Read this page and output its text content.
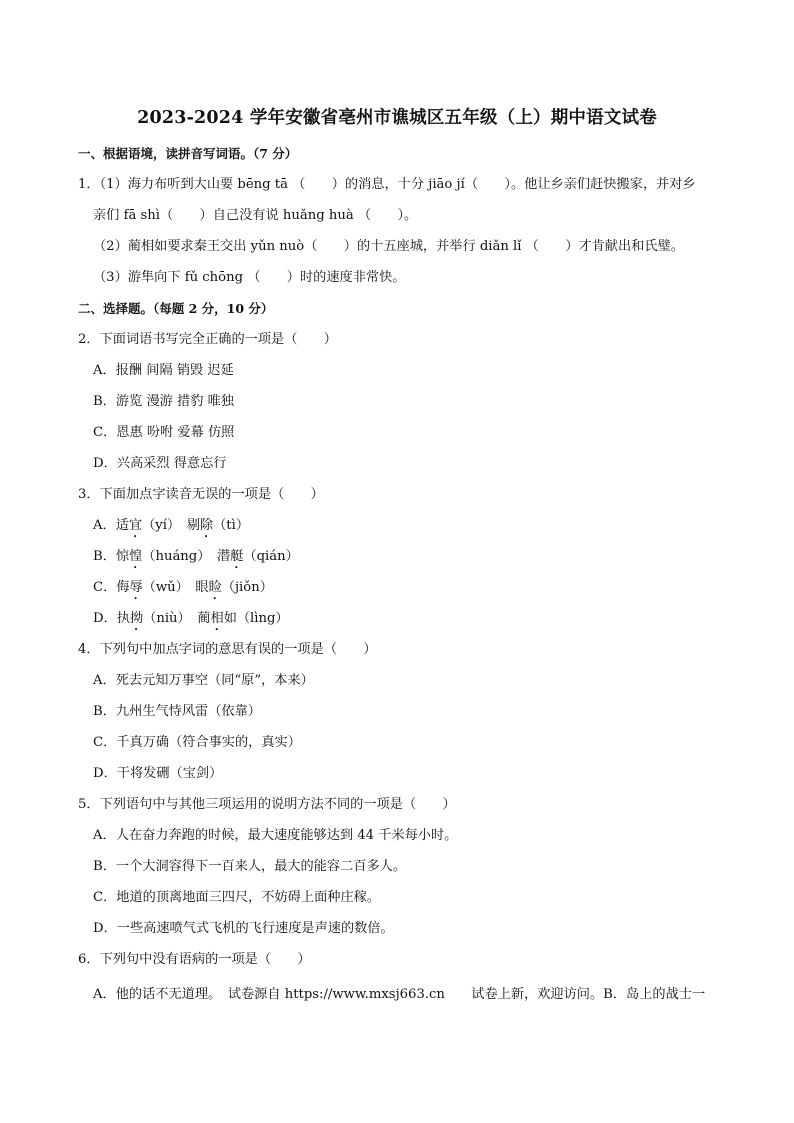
2023-2024 学年安徽省亳州市谯城区五年级（上）期中语文试卷
一、根据语境，读拼音写词语。（7 分）
1．（1）海力布听到大山要 bēng tā （　　）的消息，十分 jiāo jí（　　）。他让乡亲们赶快搬家，并对乡
亲们 fā shì（　　）自己没有说 huǎng huà （　　）。
（2）蔺相如要求秦王交出 yǔn nuò（　　）的十五座城，并举行 diǎn lǐ （　　）才肯献出和氏璧。
（3）游隼向下 fǔ chōng （　　）时的速度非常快。
二、选择题。（每题 2 分，10 分）
2．下面词语书写完全正确的一项是（　　）
A．报酬 间隔 销毁 迟延
B．游览 漫游 措豹 唯独
C．恩惠 吩咐 爱幕 仿照
D．兴高采烈 得意忘行
3．下面加点字读音无误的一项是（　　）
A．适宜（yí）　剔除（tì）
B．惊惶（huáng）　潜艇（qián）
C．侮辱（wǔ）　眼睑（jiǒn）
D．执拗（niù）　蔺相如（lìng）
4．下列句中加点字词的意思有误的一项是（　　）
A．死去元知万事空（同“原”，本来）
B．九州生气恃风雷（依靠）
C．千真万确（符合事实的，真实）
D．干将发硎（宝剑）
5．下列语句中与其他三项运用的说明方法不同的一项是（　　）
A．人在奋力奔跑的时候，最大速度能够达到 44 千米每小时。
B．一个大洞容得下一百来人，最大的能容二百多人。
C．地道的顶离地面三四尺，不妨碍上面种庄稼。
D．一些高速喷气式飞机的飞行速度是声速的数倍。
6．下列句中没有语病的一项是（　　）
A．他的话不无道理。　试卷源自 https://www.mxsj663.cn　　试卷上新，欢迎访问。B．岛上的战士一
